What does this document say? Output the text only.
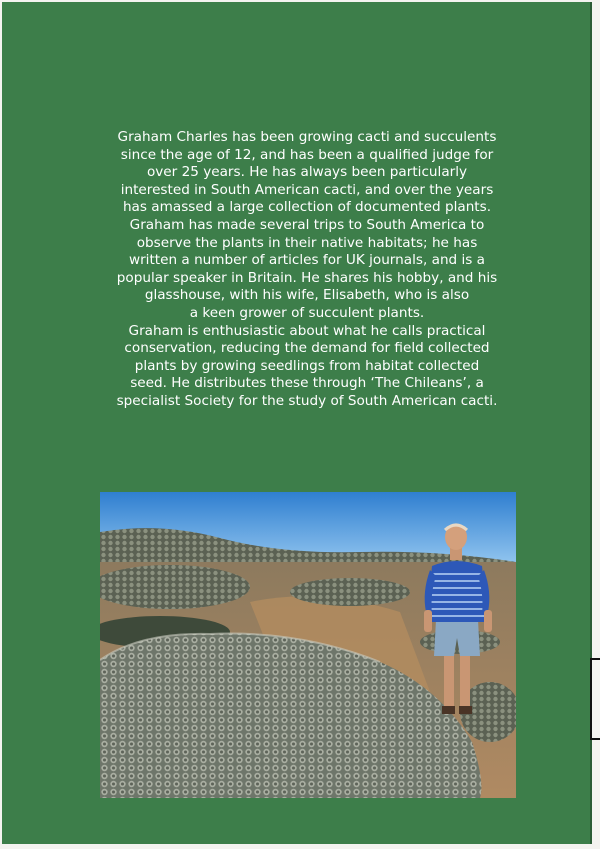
Graham Charles has been growing cacti and succulents
since the age of 12, and has been a qualified judge for
over 25 years. He has always been particularly
interested in South American cacti, and over the years
has amassed a large collection of documented plants.
Graham has made several trips to South America to
observe the plants in their native habitats; he has
written a number of articles for UK journals, and is a
popular speaker in Britain. He shares his hobby, and his
glasshouse, with his wife, Elisabeth, who is also
a keen grower of succulent plants.
Graham is enthusiastic about what he calls practical
conservation, reducing the demand for field collected
plants by growing seedlings from habitat collected
seed. He distributes these through ‘The Chileans’, a
specialist Society for the study of South American cacti.
